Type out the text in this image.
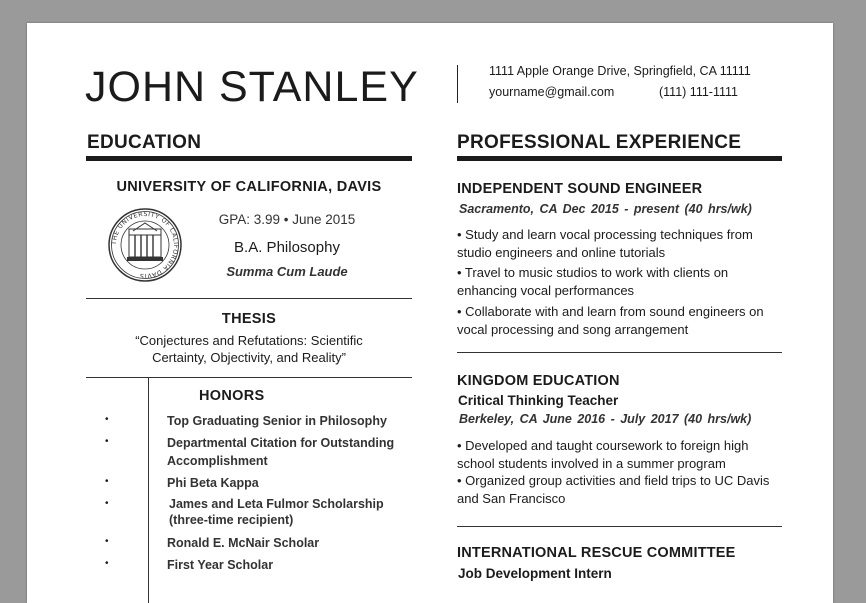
JOHN STANLEY	1111 Apple Orange Drive, Springfield, CA 11111
yourname@gmail.com	(111) 111-1111
EDUCATION
UNIVERSITY OF CALIFORNIA, DAVIS
THE UNIVERSITY OF CALIFORNIA DAVIS
GPA: 3.99 • June 2015
B.A. Philosophy
Summa Cum Laude
THESIS
“Conjectures and Refutations: Scientific
Certainty, Objectivity, and Reality”
HONORS
•	Top Graduating Senior in Philosophy
•	Departmental Citation for Outstanding Accomplishment
•	Phi Beta Kappa
•	James and Leta Fulmor Scholarship (three-time recipient)
•	Ronald E. McNair Scholar
•	First Year Scholar
PROFESSIONAL EXPERIENCE
INDEPENDENT SOUND ENGINEER
Sacramento, CA Dec 2015 - present (40 hrs/wk)
• Study and learn vocal processing techniques from studio engineers and online tutorials
• Travel to music studios to work with clients on enhancing vocal performances
• Collaborate with and learn from sound engineers on vocal processing and song arrangement
KINGDOM EDUCATION
Critical Thinking Teacher
Berkeley, CA June 2016 - July 2017 (40 hrs/wk)
• Developed and taught coursework to foreign high school students involved in a summer program
• Organized group activities and field trips to UC Davis and San Francisco
INTERNATIONAL RESCUE COMMITTEE
Job Development Intern
